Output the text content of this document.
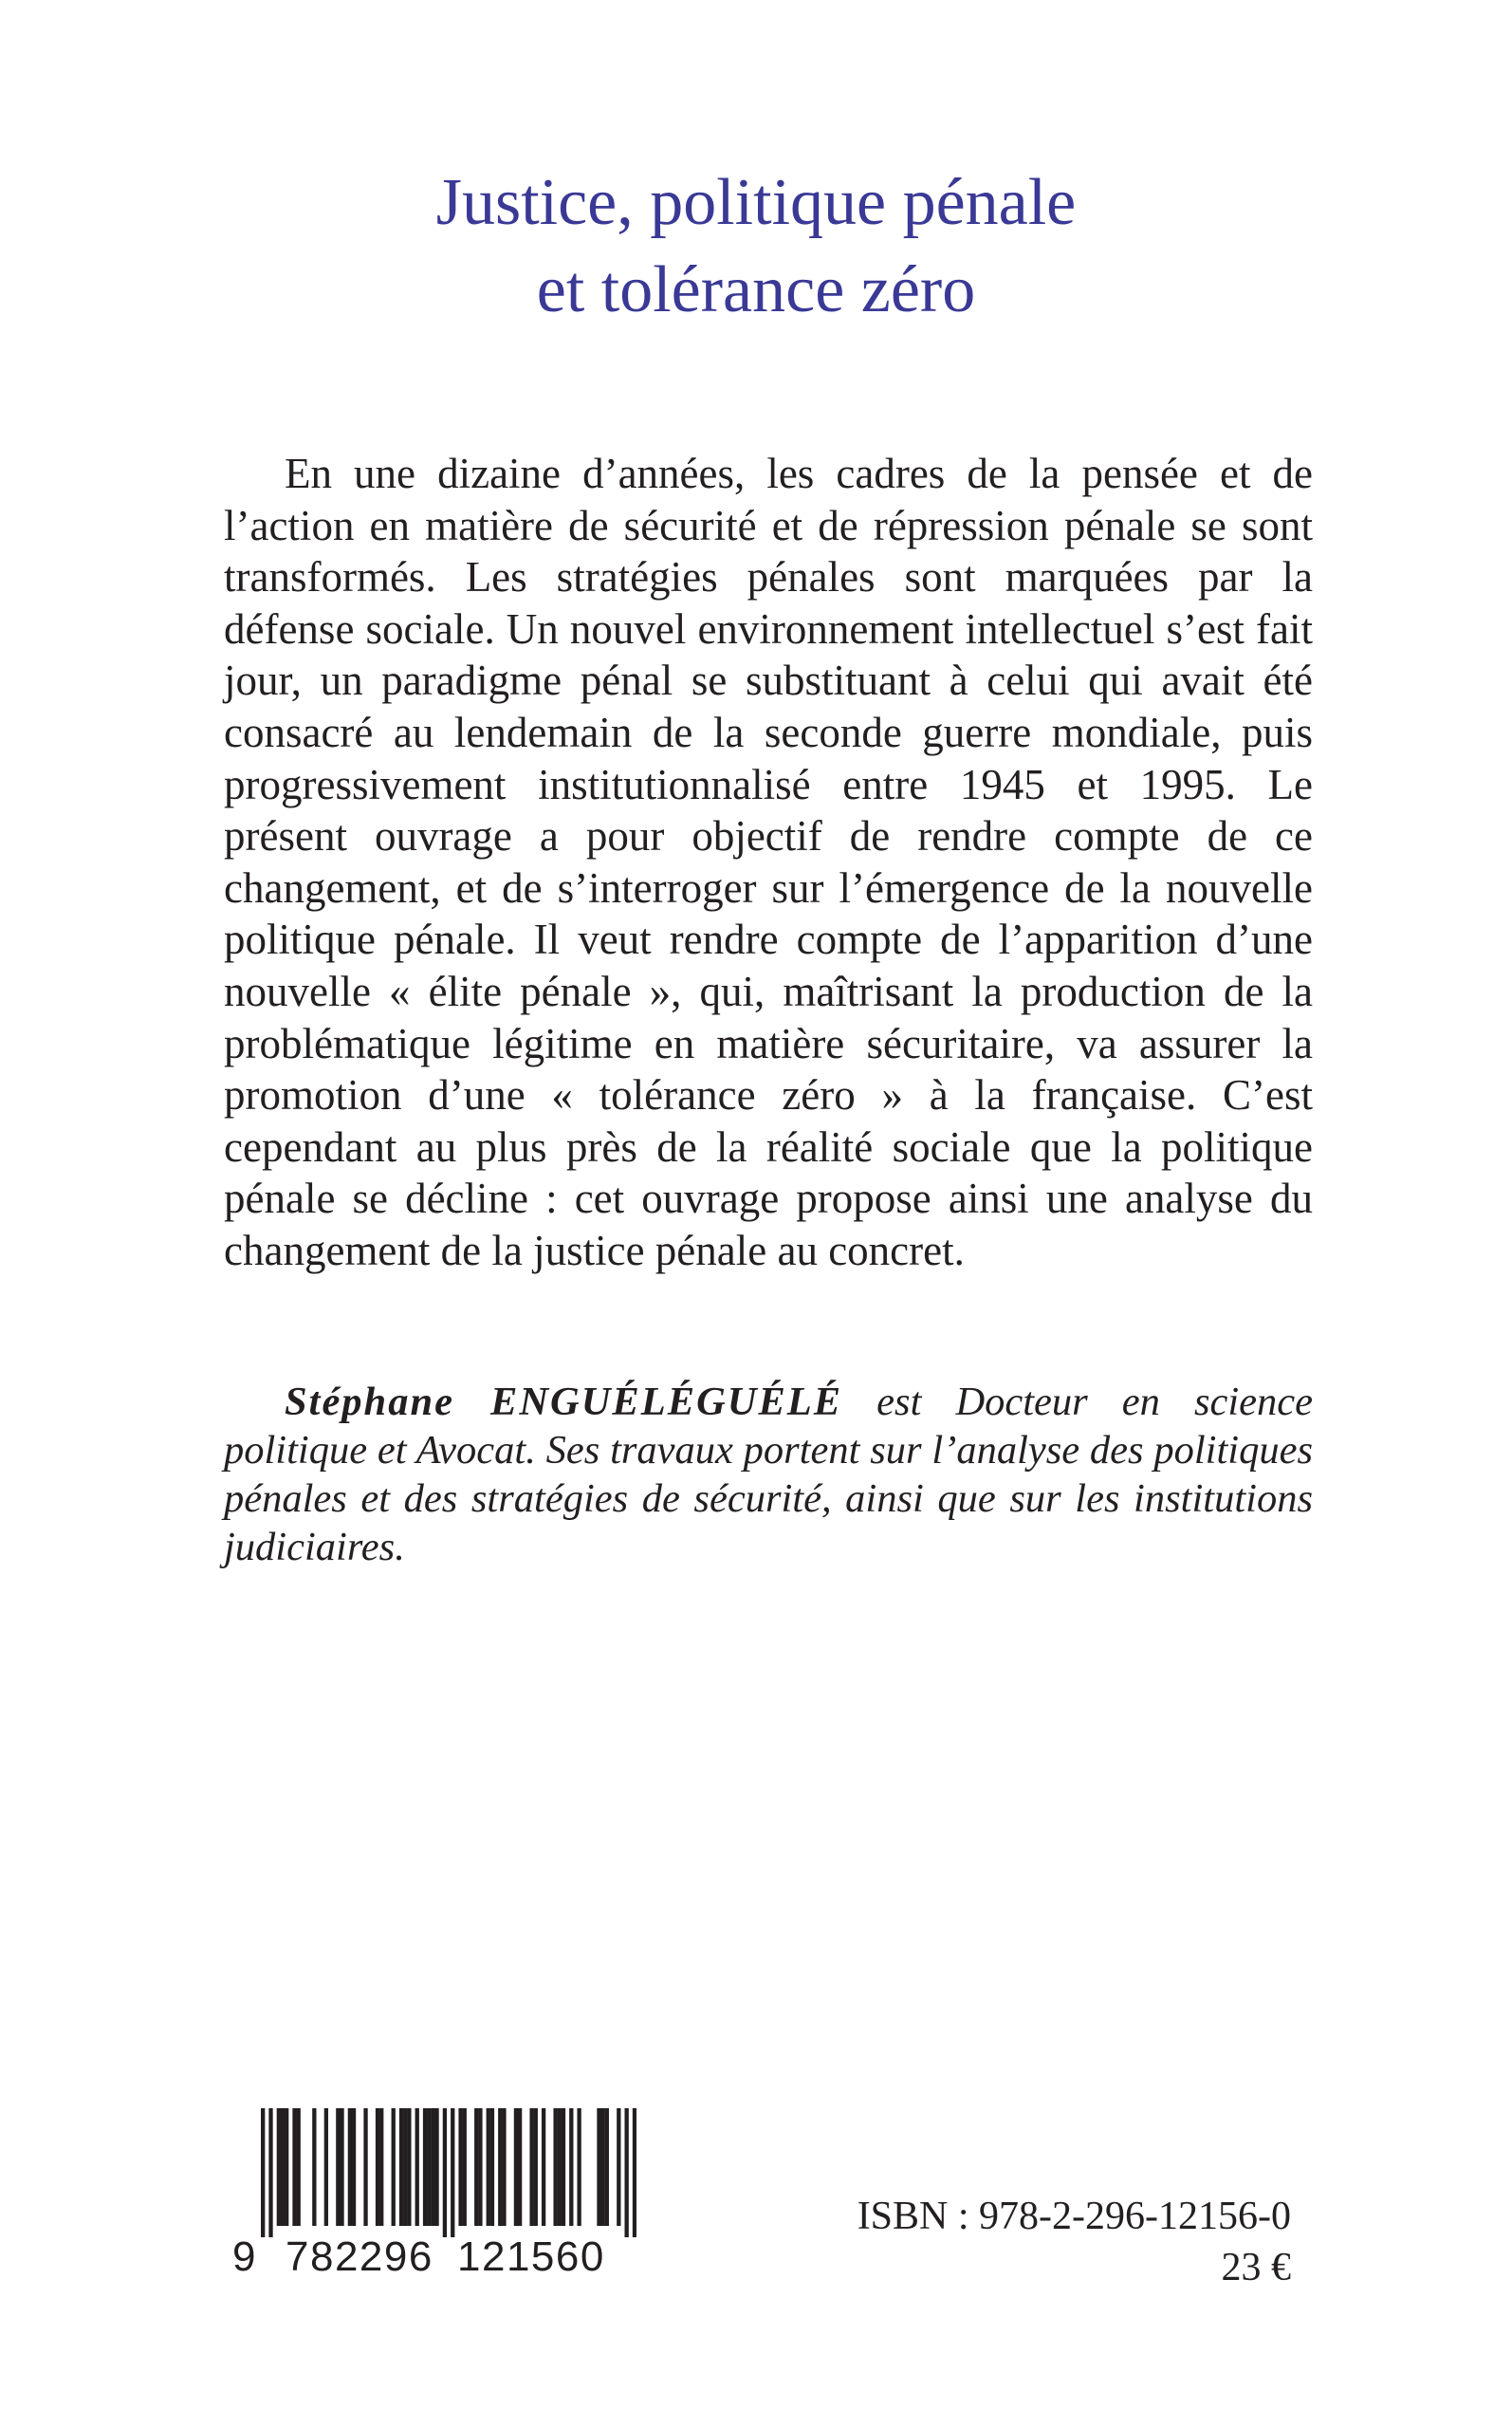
Justice, politique pénale
et tolérance zéro

En une dizaine d’années, les cadres de la pensée et de l’action en matière de sécurité et de répression pénale se sont transformés. Les stratégies pénales sont marquées par la défense sociale. Un nouvel environnement intellectuel s’est fait jour, un paradigme pénal se substituant à celui qui avait été consacré au lendemain de la seconde guerre mondiale, puis progressivement institutionnalisé entre 1945 et 1995. Le présent ouvrage a pour objectif de rendre compte de ce changement, et de s’interroger sur l’émergence de la nouvelle politique pénale. Il veut rendre compte de l’apparition d’une nouvelle « élite pénale », qui, maîtrisant la production de la problématique légitime en matière sécuritaire, va assurer la promotion d’une « tolérance zéro » à la française. C’est cependant au plus près de la réalité sociale que la politique pénale se décline : cet ouvrage propose ainsi une analyse du changement de la justice pénale au concret.

Stéphane ENGUÉLÉGUÉLÉ est Docteur en science politique et Avocat. Ses travaux portent sur l’analyse des politiques pénales et des stratégies de sécurité, ainsi que sur les institutions judiciaires.

9 782296 121560
ISBN : 978-2-296-12156-0
23 €
